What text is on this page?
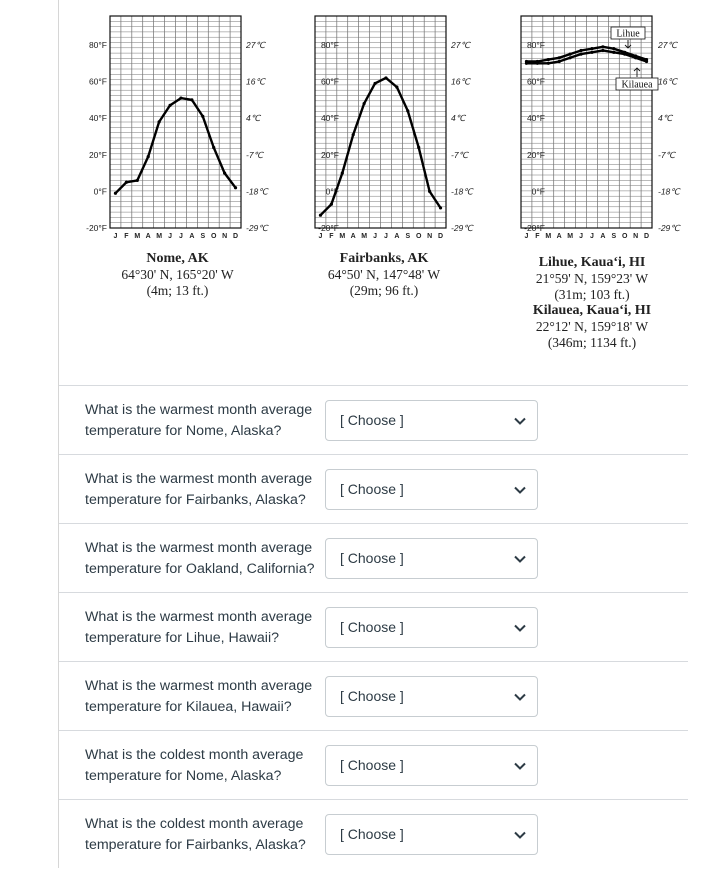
80°F
60°F
40°F
20°F
0°F
-20°F
27℃
16℃
4℃
-7℃
-18℃
-29℃
J F M A M J J A S O N D
80°F
60°F
40°F
20°F
0°F
-20°F
27℃
16℃
4℃
-7℃
-18℃
-29℃
J F M A M J J A S O N D
80°F
60°F
40°F
20°F
0°F
-20°F
27℃
16℃
4℃
-7℃
-18℃
-29℃
J F M A M J J A S O N D
Lihue
Kilauea
Nome, AK
64°30' N, 165°20' W
(4m; 13 ft.)
Fairbanks, AK
64°50' N, 147°48' W
(29m; 96 ft.)
Lihue, Kaua‘i, HI
21°59' N, 159°23' W
(31m; 103 ft.)
Kilauea, Kaua‘i, HI
22°12' N, 159°18' W
(346m; 1134 ft.)
What is the warmest month average temperature for Nome, Alaska?
[ Choose ]
What is the warmest month average temperature for Fairbanks, Alaska?
[ Choose ]
What is the warmest month average temperature for Oakland, California?
[ Choose ]
What is the warmest month average temperature for Lihue, Hawaii?
[ Choose ]
What is the warmest month average temperature for Kilauea, Hawaii?
[ Choose ]
What is the coldest month average temperature for Nome, Alaska?
[ Choose ]
What is the coldest month average temperature for Fairbanks, Alaska?
[ Choose ]
